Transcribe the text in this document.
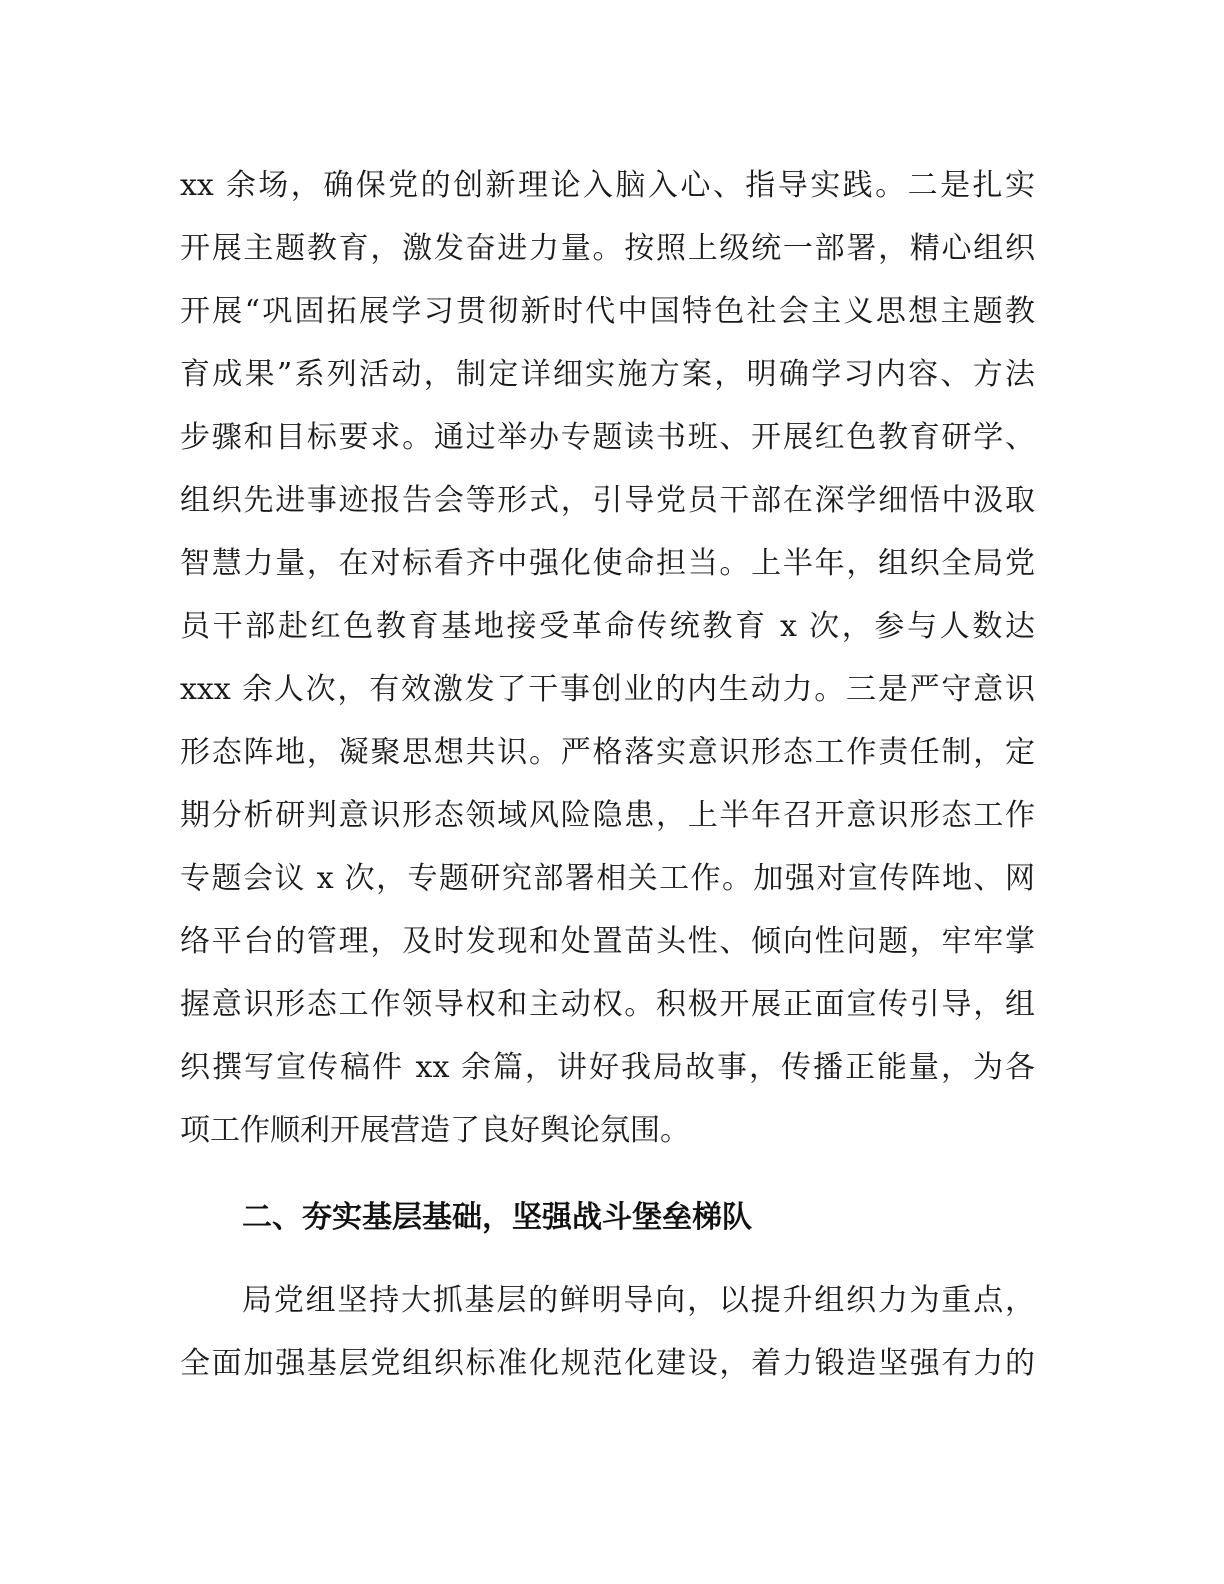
xx 余场，确保党的创新理论入脑入心、指导实践。二是扎实
开展主题教育，激发奋进力量。按照上级统一部署，精心组织
开展“巩固拓展学习贯彻新时代中国特色社会主义思想主题教
育成果”系列活动，制定详细实施方案，明确学习内容、方法
步骤和目标要求。通过举办专题读书班、开展红色教育研学、
组织先进事迹报告会等形式，引导党员干部在深学细悟中汲取
智慧力量，在对标看齐中强化使命担当。上半年，组织全局党
员干部赴红色教育基地接受革命传统教育 x 次，参与人数达
xxx 余人次，有效激发了干事创业的内生动力。三是严守意识
形态阵地，凝聚思想共识。严格落实意识形态工作责任制，定
期分析研判意识形态领域风险隐患，上半年召开意识形态工作
专题会议 x 次，专题研究部署相关工作。加强对宣传阵地、网
络平台的管理，及时发现和处置苗头性、倾向性问题，牢牢掌
握意识形态工作领导权和主动权。积极开展正面宣传引导，组
织撰写宣传稿件 xx 余篇，讲好我局故事，传播正能量，为各
项工作顺利开展营造了良好舆论氛围。
二、夯实基层基础，坚强战斗堡垒梯队
局党组坚持大抓基层的鲜明导向，以提升组织力为重点，
全面加强基层党组织标准化规范化建设，着力锻造坚强有力的
